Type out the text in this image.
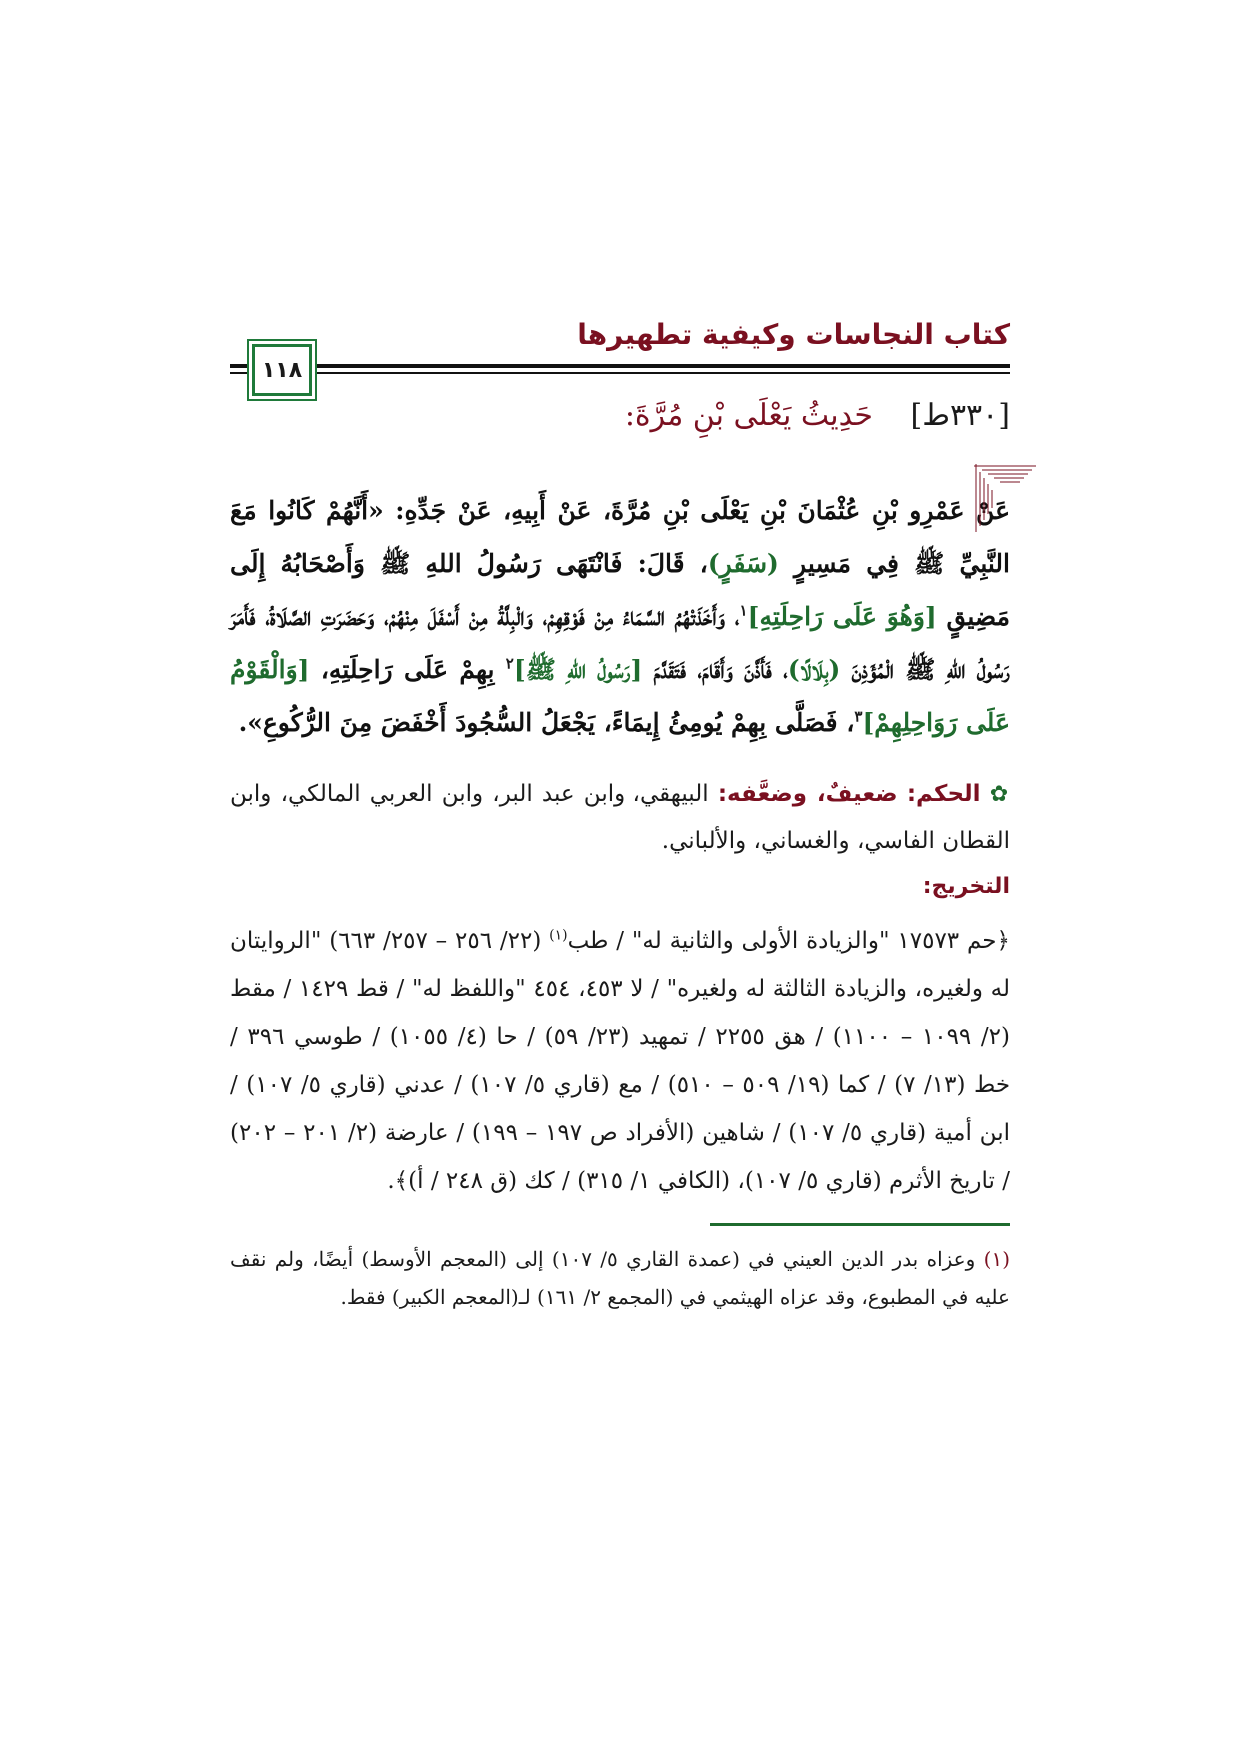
كتاب النجاسات وكيفية تطهيرها
١١٨
[٣٣٠ط] حَدِيثُ يَعْلَى بْنِ مُرَّةَ:
عَنْ عَمْرِو بْنِ عُثْمَانَ بْنِ يَعْلَى بْنِ مُرَّةَ، عَنْ أَبِيهِ، عَنْ جَدِّهِ: «أَنَّهُمْ كَانُوا مَعَ النَّبِيِّ ﷺ فِي مَسِيرٍ (سَفَرٍ)، قَالَ: فَانْتَهَى رَسُولُ اللهِ ﷺ وَأَصْحَابُهُ إِلَى مَضِيقٍ [وَهُوَ عَلَى رَاحِلَتِهِ]$^١$، وَأَخَذَتْهُمُ السَّمَاءُ مِنْ فَوْقِهِمْ، وَالْبِلَّةُ مِنْ أَسْفَلَ مِنْهُمْ، وَحَضَرَتِ الصَّلَاةُ، فَأَمَرَ رَسُولُ اللهِ ﷺ الْمُؤَذِنَ (بِلَالًا)، فَأَذَّنَ وَأَقَامَ، فَتَقَدَّمَ [رَسُولُ اللهِ ﷺ]$^٢$ بِهِمْ عَلَى رَاحِلَتِهِ، [وَالْقَوْمُ عَلَى رَوَاحِلِهِمْ]$^٣$، فَصَلَّى بِهِمْ يُومِئُ إِيمَاءً، يَجْعَلُ السُّجُودَ أَخْفَضَ مِنَ الرُّكُوعِ».
✿ الحكم: ضعيفٌ، وضعَّفه: البيهقي، وابن عبد البر، وابن العربي المالكي، وابن القطان الفاسي، والغساني، والألباني.
التخريج:
﴿حم ١٧٥٧٣ "والزيادة الأولى والثانية له" / طب$^{(١)}$ (٢٢/ ٢٥٦ – ٢٥٧/ ٦٦٣) "الروايتان له ولغيره، والزيادة الثالثة له ولغيره" / لا ٤٥٣، ٤٥٤ "واللفظ له" / قط ١٤٢٩ / مقط (٢/ ١٠٩٩ – ١١٠٠) / هق ٢٢٥٥ / تمهيد (٢٣/ ٥٩) / حا (٤/ ١٠٥٥) / طوسي ٣٩٦ / خط (١٣/ ٧) / كما (١٩/ ٥٠٩ – ٥١٠) / مع (قاري ٥/ ١٠٧) / عدني (قاري ٥/ ١٠٧) / ابن أمية (قاري ٥/ ١٠٧) / شاهين (الأفراد ص ١٩٧ – ١٩٩) / عارضة (٢/ ٢٠١ – ٢٠٢) / تاريخ الأثرم (قاري ٥/ ١٠٧)، (الكافي ١/ ٣١٥) / كك (ق ٢٤٨ / أ)﴾.
(١) وعزاه بدر الدين العيني في (عمدة القاري ٥/ ١٠٧) إلى (المعجم الأوسط) أيضًا، ولم نقف عليه في المطبوع، وقد عزاه الهيثمي في (المجمع ٢/ ١٦١) لـ(المعجم الكبير) فقط.
